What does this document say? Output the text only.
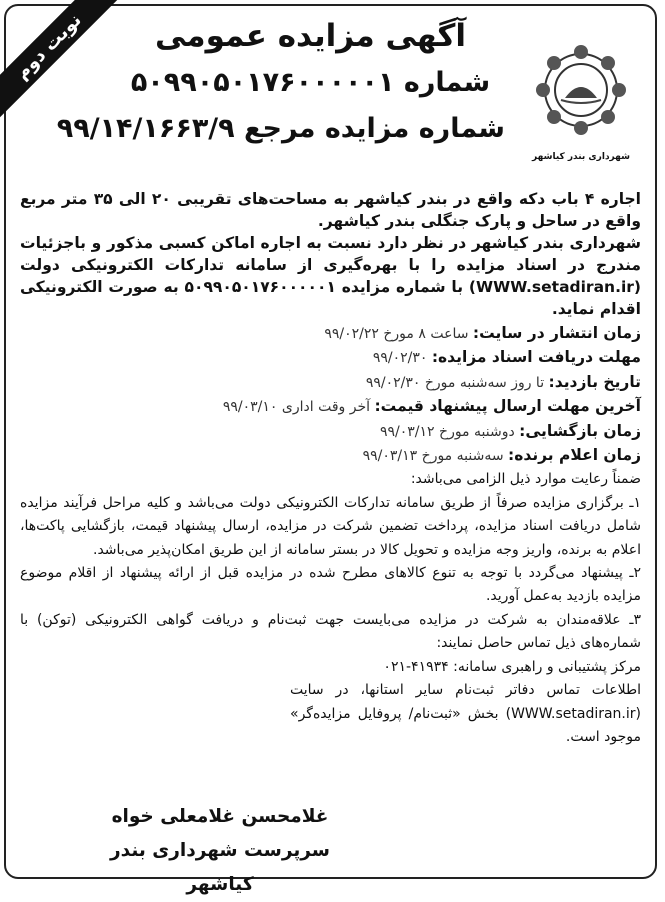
نوبت دوم
شهرداری بندر کیاشهر
آگهی مزایده عمومی
شماره ۵۰۹۹۰۵۰۱۷۶۰۰۰۰۰۱
شماره مزایده مرجع ۹۹/۱۴/۱۶۶۳/۹

اجاره ۴ باب دکه واقع در بندر کیاشهر به مساحت‌های تقریبی ۲۰ الی ۳۵ متر مربع واقع در ساحل و پارک جنگلی بندر کیاشهر.

شهرداری بندر کیاشهر در نظر دارد نسبت به اجاره اماکن کسبی مذکور و باجزئیات مندرج در اسناد مزایده را با بهره‌گیری از سامانه تدارکات الکترونیکی دولت (WWW.setadiran.ir) با شماره مزایده ۵۰۹۹۰۵۰۱۷۶۰۰۰۰۰۱ به صورت الکترونیکی اقدام نماید.

زمان انتشار در سایت: ساعت ۸ مورخ ۹۹/۰۲/۲۲
مهلت دریافت اسناد مزایده: ۹۹/۰۲/۳۰
تاریخ بازدید: تا روز سه‌شنبه مورخ ۹۹/۰۲/۳۰
آخرین مهلت ارسال پیشنهاد قیمت: آخر وقت اداری ۹۹/۰۳/۱۰
زمان بازگشایی: دوشنبه مورخ ۹۹/۰۳/۱۲
زمان اعلام برنده: سه‌شنبه مورخ ۹۹/۰۳/۱۳

ضمناً رعایت موارد ذیل الزامی می‌باشد:

۱ـ برگزاری مزایده صرفاً از طریق سامانه تدارکات الکترونیکی دولت می‌باشد و کلیه مراحل فرآیند مزایده شامل دریافت اسناد مزایده، پرداخت تضمین شرکت در مزایده، ارسال پیشنهاد قیمت، بازگشایی پاکت‌ها، اعلام به برنده، واریز وجه مزایده و تحویل کالا در بستر سامانه از این طریق امکان‌پذیر می‌باشد.

۲ـ پیشنهاد می‌گردد با توجه به تنوع کالاهای مطرح شده در مزایده قبل از ارائه پیشنهاد از اقلام موضوع مزایده بازدید به‌عمل آورید.

۳ـ علاقه‌مندان به شرکت در مزایده می‌بایست جهت ثبت‌نام و دریافت گواهی الکترونیکی (توکن) با شماره‌های ذیل تماس حاصل نمایند:

مرکز پشتیبانی و راهبری سامانه: ۴۱۹۳۴-۰۲۱

اطلاعات تماس دفاتر ثبت‌نام سایر استانها، در سایت (WWW.setadiran.ir) بخش «ثبت‌نام/ پروفایل مزایده‌گر» موجود است.

غلامحسن غلامعلی خواه
سرپرست شهرداری بندر کیاشهر
